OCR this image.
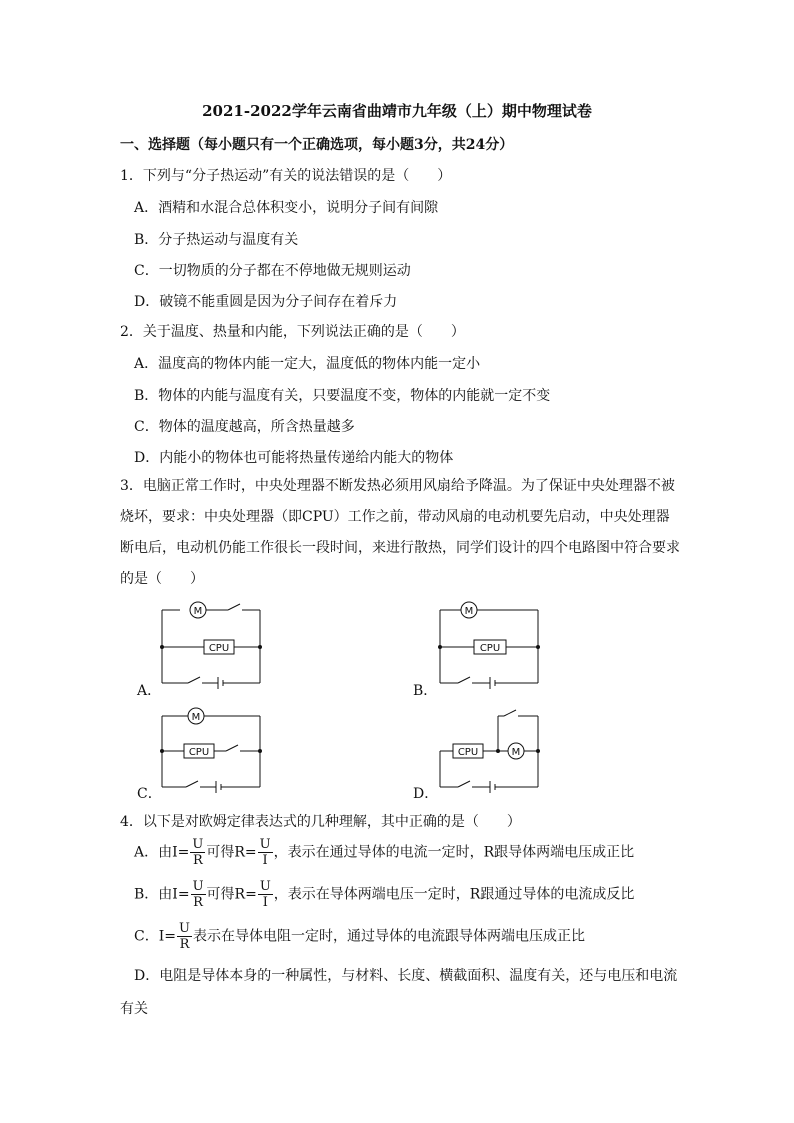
2021-2022学年云南省曲靖市九年级（上）期中物理试卷
一、选择题（每小题只有一个正确选项，每小题3分，共24分）
1．下列与“分子热运动”有关的说法错误的是（　　）
A．酒精和水混合总体积变小，说明分子间有间隙
B．分子热运动与温度有关
C．一切物质的分子都在不停地做无规则运动
D．破镜不能重圆是因为分子间存在着斥力
2．关于温度、热量和内能，下列说法正确的是（　　）
A．温度高的物体内能一定大，温度低的物体内能一定小
B．物体的内能与温度有关，只要温度不变，物体的内能就一定不变
C．物体的温度越高，所含热量越多
D．内能小的物体也可能将热量传递给内能大的物体
3．电脑正常工作时，中央处理器不断发热必须用风扇给予降温。为了保证中央处理器不被烧坏，要求：中央处理器（即CPU）工作之前，带动风扇的电动机要先启动，中央处理器断电后，电动机仍能工作很长一段时间，来进行散热，同学们设计的四个电路图中符合要求的是（　　）
M
CPU
A．
M
CPU
B．
M
CPU
C．
CPU	M
D．
4．以下是对欧姆定律表达式的几种理解，其中正确的是（　　）
A．由$I= \frac{U}{R}$ 可得$R= \frac{U}{I}$ ，表示在通过导体的电流一定时，R跟导体两端电压成正比
B．由$I= \frac{U}{R}$ 可得$R= \frac{U}{I}$ ，表示在导体两端电压一定时，R跟通过导体的电流成反比
C．$I= \frac{U}{R}$ 表示在导体电阻一定时，通过导体的电流跟导体两端电压成正比
D．电阻是导体本身的一种属性，与材料、长度、横截面积、温度有关，还与电压和电流有关
